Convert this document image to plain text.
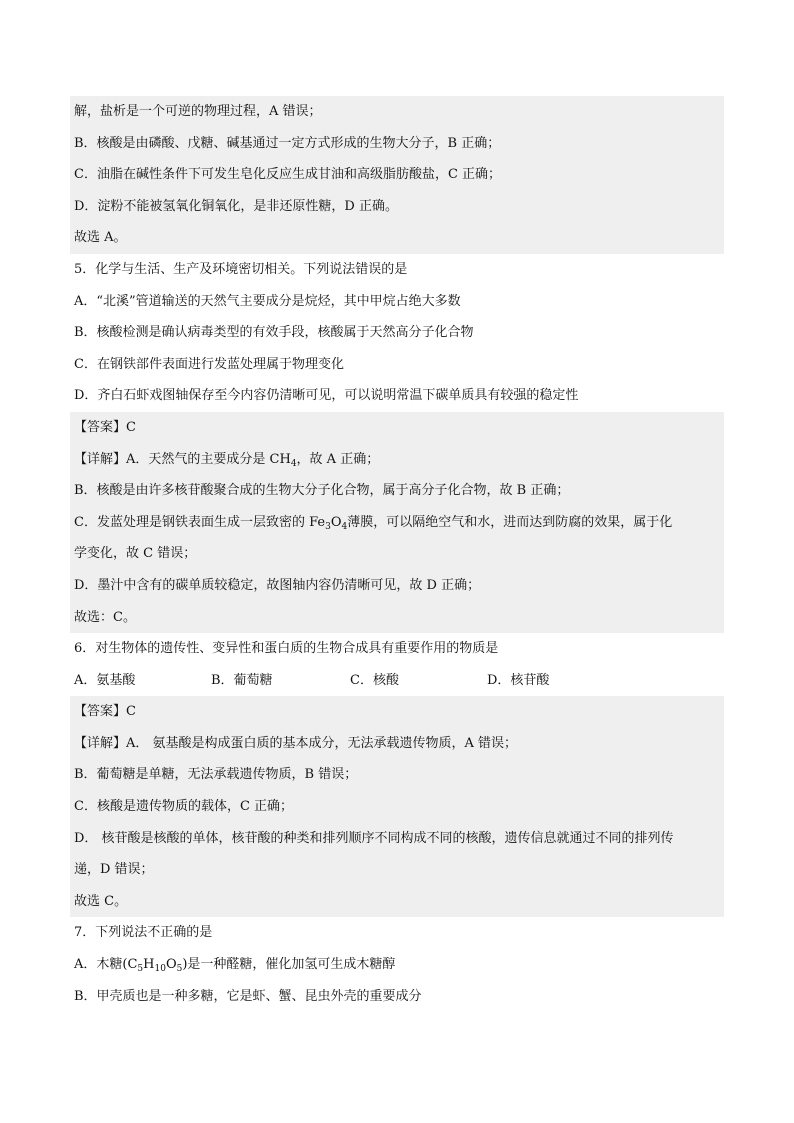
解，盐析是一个可逆的物理过程，A 错误；
B．核酸是由磷酸、戊糖、碱基通过一定方式形成的生物大分子，B 正确；
C．油脂在碱性条件下可发生皂化反应生成甘油和高级脂肪酸盐，C 正确；
D．淀粉不能被氢氧化铜氧化，是非还原性糖，D 正确。
故选 A。
5．化学与生活、生产及环境密切相关。下列说法错误的是
A．“北溪”管道输送的天然气主要成分是烷烃，其中甲烷占绝大多数
B．核酸检测是确认病毒类型的有效手段，核酸属于天然高分子化合物
C．在钢铁部件表面进行发蓝处理属于物理变化
D．齐白石虾戏图轴保存至今内容仍清晰可见，可以说明常温下碳单质具有较强的稳定性
【答案】C
【详解】A．天然气的主要成分是 $CH_4$，故 A 正确；
B．核酸是由许多核苷酸聚合成的生物大分子化合物，属于高分子化合物，故 B 正确；
C．发蓝处理是钢铁表面生成一层致密的 $Fe_3O_4$薄膜，可以隔绝空气和水，进而达到防腐的效果，属于化
学变化，故 C 错误；
D．墨汁中含有的碳单质较稳定，故图轴内容仍清晰可见，故 D 正确；
故选：C。
6．对生物体的遗传性、变异性和蛋白质的生物合成具有重要作用的物质是
A．氨基酸	B．葡萄糖	C．核酸	D．核苷酸
【答案】C
【详解】A． 氨基酸是构成蛋白质的基本成分，无法承载遗传物质，A 错误；
B．葡萄糖是单糖，无法承载遗传物质，B 错误；
C．核酸是遗传物质的载体，C 正确；
D． 核苷酸是核酸的单体，核苷酸的种类和排列顺序不同构成不同的核酸，遗传信息就通过不同的排列传
递，D 错误；
故选 C。
7．下列说法不正确的是
A．木糖$(C_5H_{10}O_5)$是一种醛糖，催化加氢可生成木糖醇
B．甲壳质也是一种多糖，它是虾、蟹、昆虫外壳的重要成分
